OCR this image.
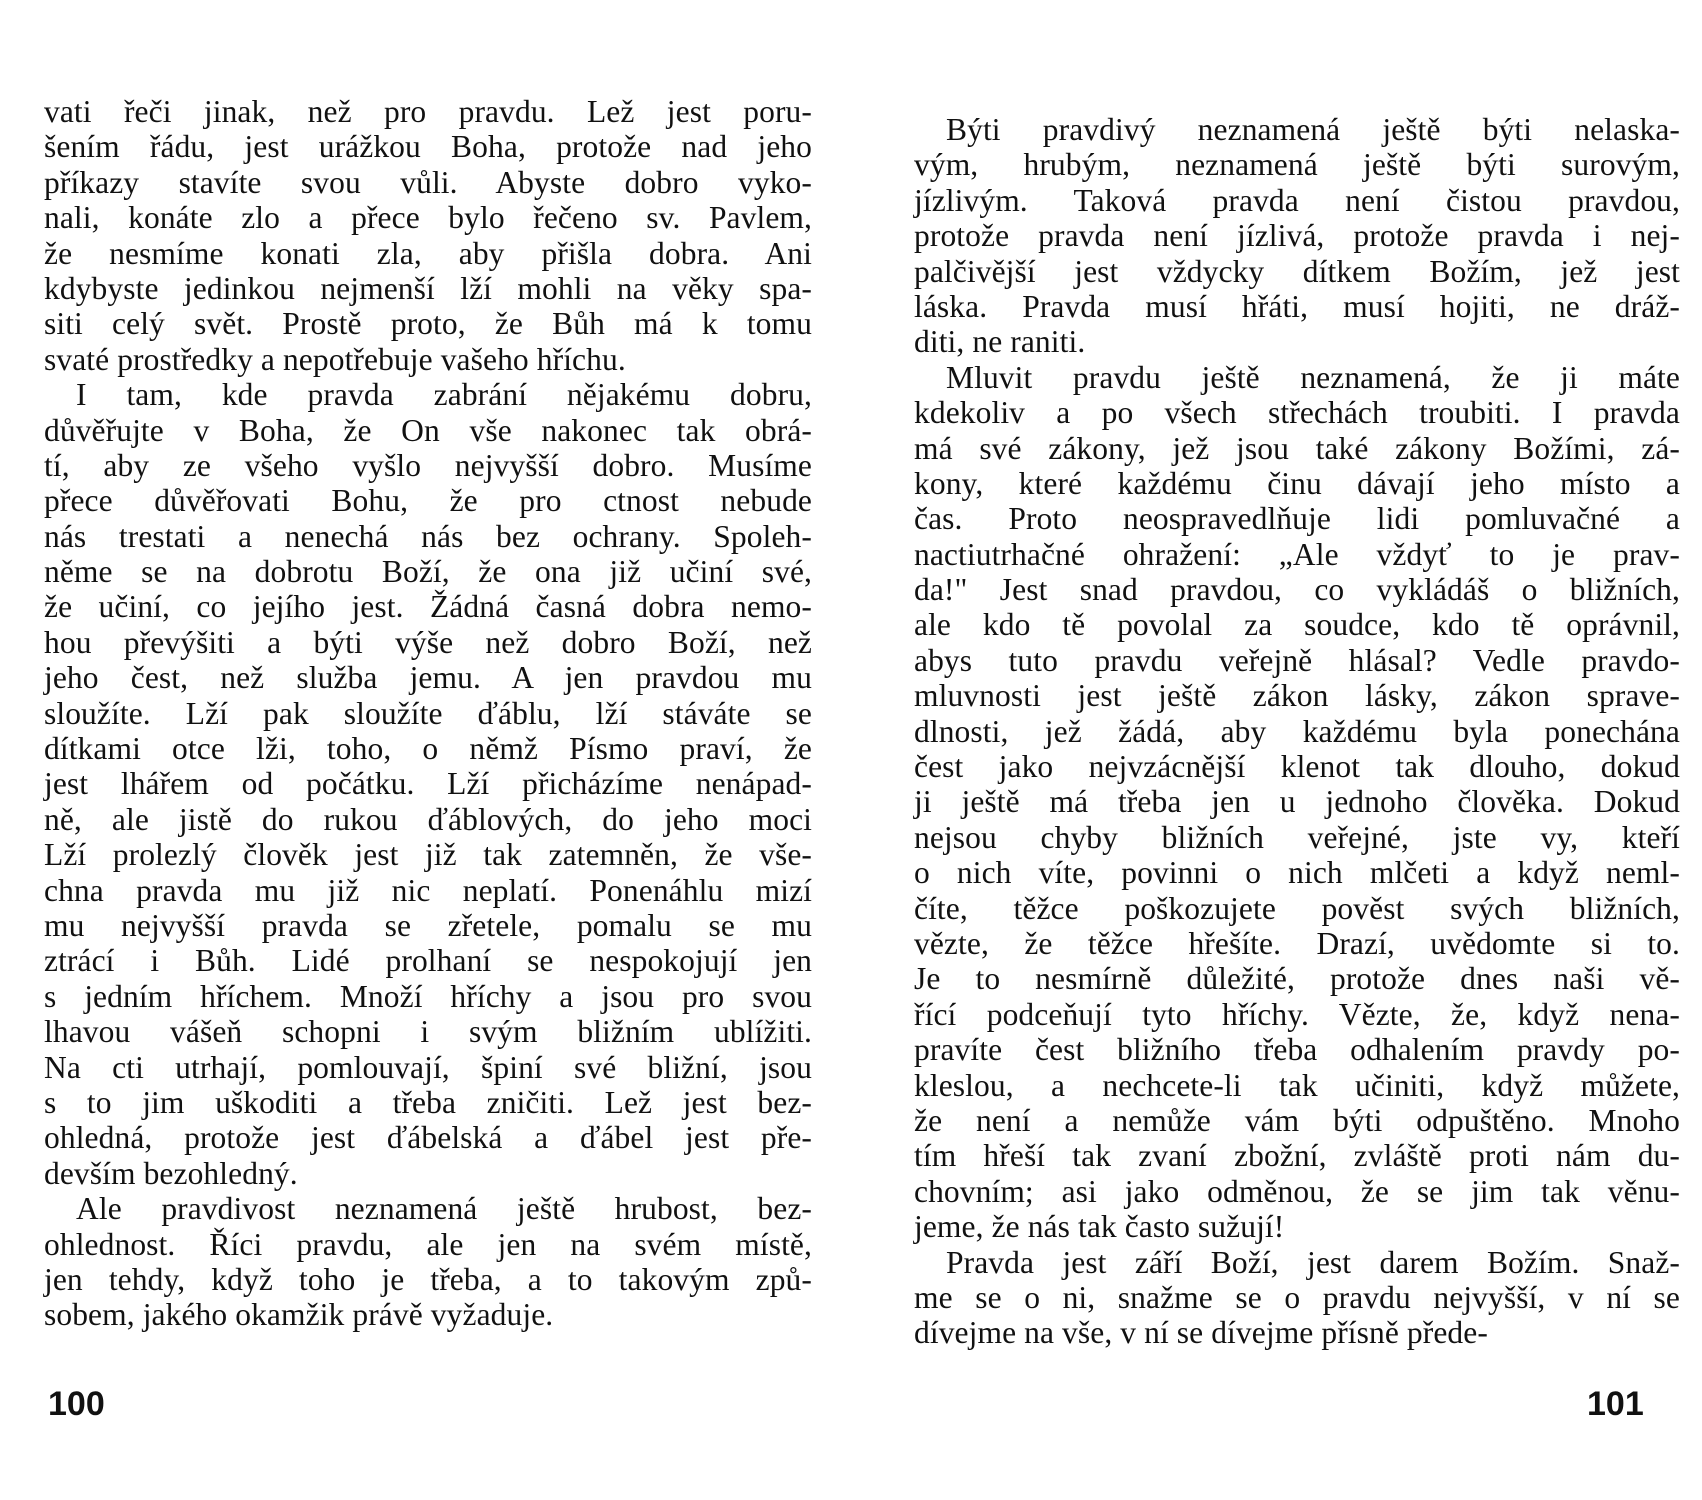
vati řeči jinak, než pro pravdu. Lež jest poru-
šením řádu, jest urážkou Boha, protože nad jeho
příkazy stavíte svou vůli. Abyste dobro vyko-
nali, konáte zlo a přece bylo řečeno sv. Pavlem,
že nesmíme konati zla, aby přišla dobra. Ani
kdybyste jedinkou nejmenší lží mohli na věky spa-
siti celý svět. Prostě proto, že Bůh má k tomu
svaté prostředky a nepotřebuje vašeho hříchu.
I tam, kde pravda zabrání nějakému dobru,
důvěřujte v Boha, že On vše nakonec tak obrá-
tí, aby ze všeho vyšlo nejvyšší dobro. Musíme
přece důvěřovati Bohu, že pro ctnost nebude
nás trestati a nenechá nás bez ochrany. Spoleh-
něme se na dobrotu Boží, že ona již učiní své,
že učiní, co jejího jest. Žádná časná dobra nemo-
hou převýšiti a býti výše než dobro Boží, než
jeho čest, než služba jemu. A jen pravdou mu
sloužíte. Lží pak sloužíte ďáblu, lží stáváte se
dítkami otce lži, toho, o němž Písmo praví, že
jest lhářem od počátku. Lží přicházíme nenápad-
ně, ale jistě do rukou ďáblových, do jeho moci
Lží prolezlý člověk jest již tak zatemněn, že vše-
chna pravda mu již nic neplatí. Ponenáhlu mizí
mu nejvyšší pravda se zřetele, pomalu se mu
ztrácí i Bůh. Lidé prolhaní se nespokojují jen
s jedním hříchem. Množí hříchy a jsou pro svou
lhavou vášeň schopni i svým bližním ublížiti.
Na cti utrhají, pomlouvají, špiní své bližní, jsou
s to jim uškoditi a třeba zničiti. Lež jest bez-
ohledná, protože jest ďábelská a ďábel jest pře-
devším bezohledný.
Ale pravdivost neznamená ještě hrubost, bez-
ohlednost. Říci pravdu, ale jen na svém místě,
jen tehdy, když toho je třeba, a to takovým způ-
sobem, jakého okamžik právě vyžaduje.
100
Býti pravdivý neznamená ještě býti nelaska-
vým, hrubým, neznamená ještě býti surovým,
jízlivým. Taková pravda není čistou pravdou,
protože pravda není jízlivá, protože pravda i nej-
palčivější jest vždycky dítkem Božím, jež jest
láska. Pravda musí hřáti, musí hojiti, ne dráž-
diti, ne raniti.
Mluvit pravdu ještě neznamená, že ji máte
kdekoliv a po všech střechách troubiti. I pravda
má své zákony, jež jsou také zákony Božími, zá-
kony, které každému činu dávají jeho místo a
čas. Proto neospravedlňuje lidi pomluvačné a
nactiutrhačné ohražení: „Ale vždyť to je prav-
da!" Jest snad pravdou, co vykládáš o bližních,
ale kdo tě povolal za soudce, kdo tě oprávnil,
abys tuto pravdu veřejně hlásal? Vedle pravdo-
mluvnosti jest ještě zákon lásky, zákon sprave-
dlnosti, jež žádá, aby každému byla ponechána
čest jako nejvzácnější klenot tak dlouho, dokud
ji ještě má třeba jen u jednoho člověka. Dokud
nejsou chyby bližních veřejné, jste vy, kteří
o nich víte, povinni o nich mlčeti a když neml-
číte, těžce poškozujete pověst svých bližních,
vězte, že těžce hřešíte. Drazí, uvědomte si to.
Je to nesmírně důležité, protože dnes naši vě-
řící podceňují tyto hříchy. Vězte, že, když nena-
pravíte čest bližního třeba odhalením pravdy po-
kleslou, a nechcete-li tak učiniti, když můžete,
že není a nemůže vám býti odpuštěno. Mnoho
tím hřeší tak zvaní zbožní, zvláště proti nám du-
chovním; asi jako odměnou, že se jim tak věnu-
jeme, že nás tak často sužují!
Pravda jest září Boží, jest darem Božím. Snaž-
me se o ni, snažme se o pravdu nejvyšší, v ní se
dívejme na vše, v ní se dívejme přísně přede-
101
